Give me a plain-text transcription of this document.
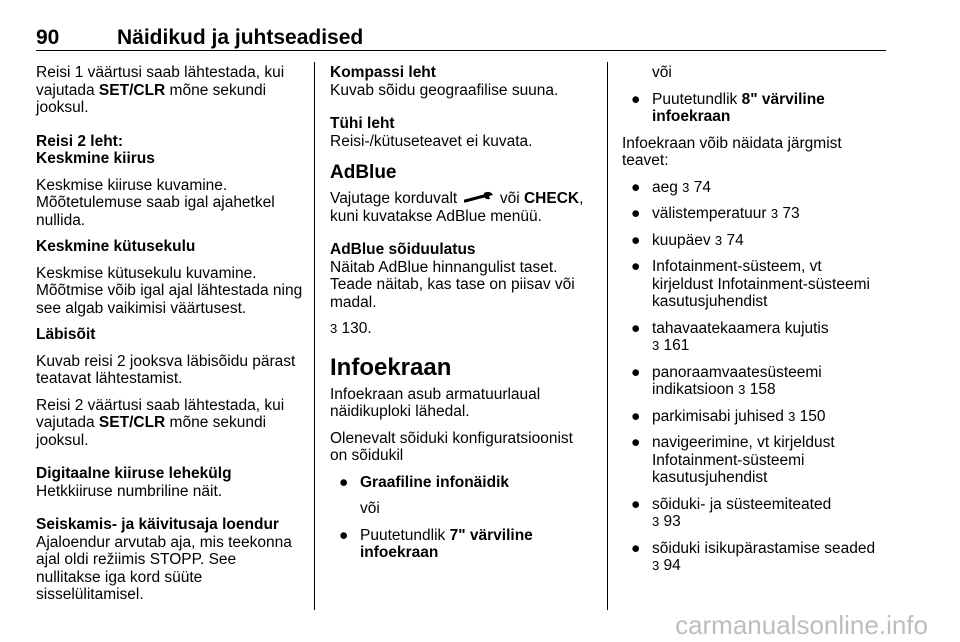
90	Näidikud ja juhtseadised

Reisi 1 väärtusi saab lähtestada, kui vajutada SET/CLR mõne sekundi jooksul.

Reisi 2 leht:

Keskmine kiirus

Keskmise kiiruse kuvamine.

Mõõtetulemuse saab igal ajahetkel nullida.

Keskmine kütusekulu

Keskmise kütusekulu kuvamine.

Mõõtmise võib igal ajal lähtestada ning see algab vaikimisi väärtusest.

Läbisõit

Kuvab reisi 2 jooksva läbisõidu pärast teatavat lähtestamist.

Reisi 2 väärtusi saab lähtestada, kui vajutada SET/CLR mõne sekundi jooksul.

Digitaalne kiiruse lehekülg

Hetkkiiruse numbriline näit.

Seiskamis- ja käivitusaja loendur

Ajaloendur arvutab aja, mis teekonna ajal oldi režiimis STOPP. See nullitakse iga kord süüte sisselülitamisel.

Kompassi leht

Kuvab sõidu geograafilise suuna.

Tühi leht

Reisi-/kütuseteavet ei kuvata.

AdBlue

Vajutage korduvalt  või CHECK, kuni kuvatakse AdBlue menüü.

AdBlue sõiduulatus

Näitab AdBlue hinnangulist taset. Teade näitab, kas tase on piisav või madal.

3 130.

Infoekraan

Infoekraan asub armatuurlaual näidikuploki lähedal.

Olenevalt sõiduki konfiguratsioonist on sõidukil

● Graafiline infonäidik

või

● Puutetundlik 7" värviline infoekraan

või

● Puutetundlik 8" värviline infoekraan

Infoekraan võib näidata järgmist teavet:

● aeg 3 74
● välistemperatuur 3 73
● kuupäev 3 74
● Infotainment-süsteem, vt kirjeldust Infotainment-süsteemi kasutusjuhendist
● tahavaatekaamera kujutis
3 161
● panoraamvaatesüsteemi indikatsioon 3 158
● parkimisabi juhised 3 150
● navigeerimine, vt kirjeldust Infotainment-süsteemi kasutusjuhendist
● sõiduki- ja süsteemiteated
3 93
● sõiduki isikupärastamise seaded
3 94
carmanualsonline.info
